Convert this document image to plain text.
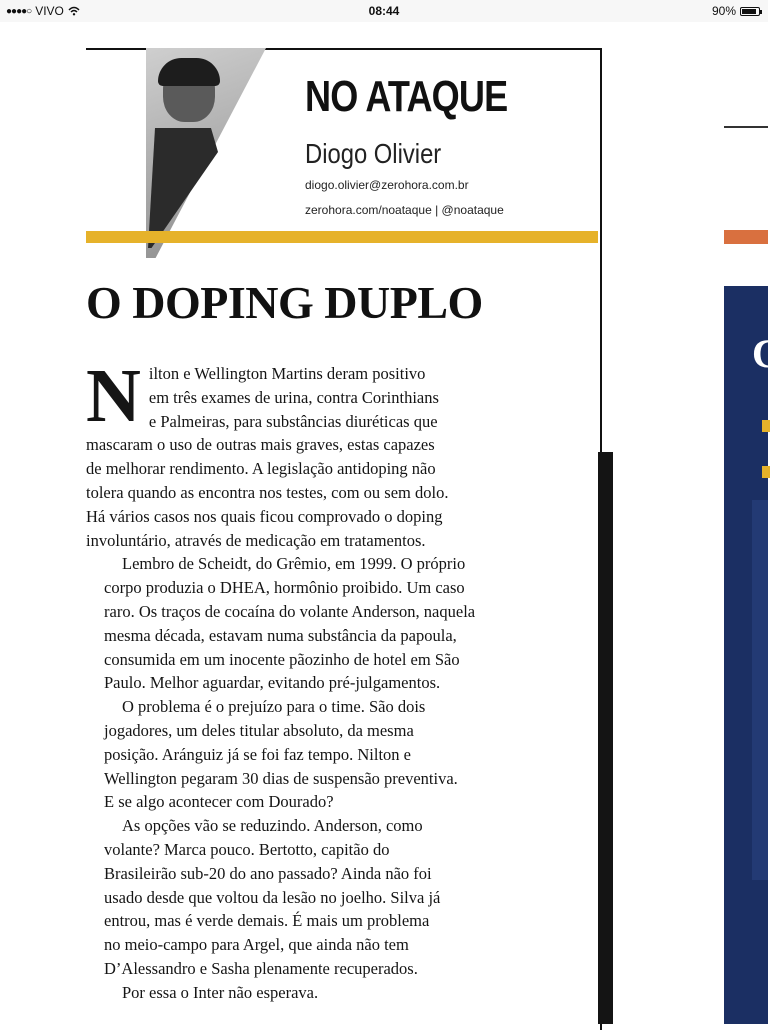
●●●●○ VIVO	08:44	90%
NO ATAQUE
Diogo Olivier
diogo.olivier@zerohora.com.br
zerohora.com/noataque | @noataque
O DOPING DUPLO
N ilton e Wellington Martins deram positivo
em três exames de urina, contra Corinthians
e Palmeiras, para substâncias diuréticas que
mascaram o uso de outras mais graves, estas capazes
de melhorar rendimento. A legislação antidoping não
tolera quando as encontra nos testes, com ou sem dolo.
Há vários casos nos quais ficou comprovado o doping
involuntário, através de medicação em tratamentos.

Lembro de Scheidt, do Grêmio, em 1999. O próprio
corpo produzia o DHEA, hormônio proibido. Um caso
raro. Os traços de cocaína do volante Anderson, naquela
mesma década, estavam numa substância da papoula,
consumida em um inocente pãozinho de hotel em São
Paulo. Melhor aguardar, evitando pré-julgamentos.

O problema é o prejuízo para o time. São dois
jogadores, um deles titular absoluto, da mesma
posição. Aránguiz já se foi faz tempo. Nilton e
Wellington pegaram 30 dias de suspensão preventiva.
E se algo acontecer com Dourado?

As opções vão se reduzindo. Anderson, como
volante? Marca pouco. Bertotto, capitão do
Brasileirão sub-20 do ano passado? Ainda não foi
usado desde que voltou da lesão no joelho. Silva já
entrou, mas é verde demais. É mais um problema
no meio-campo para Argel, que ainda não tem
D’Alessandro e Sasha plenamente recuperados.

Por essa o Inter não esperava.

C
